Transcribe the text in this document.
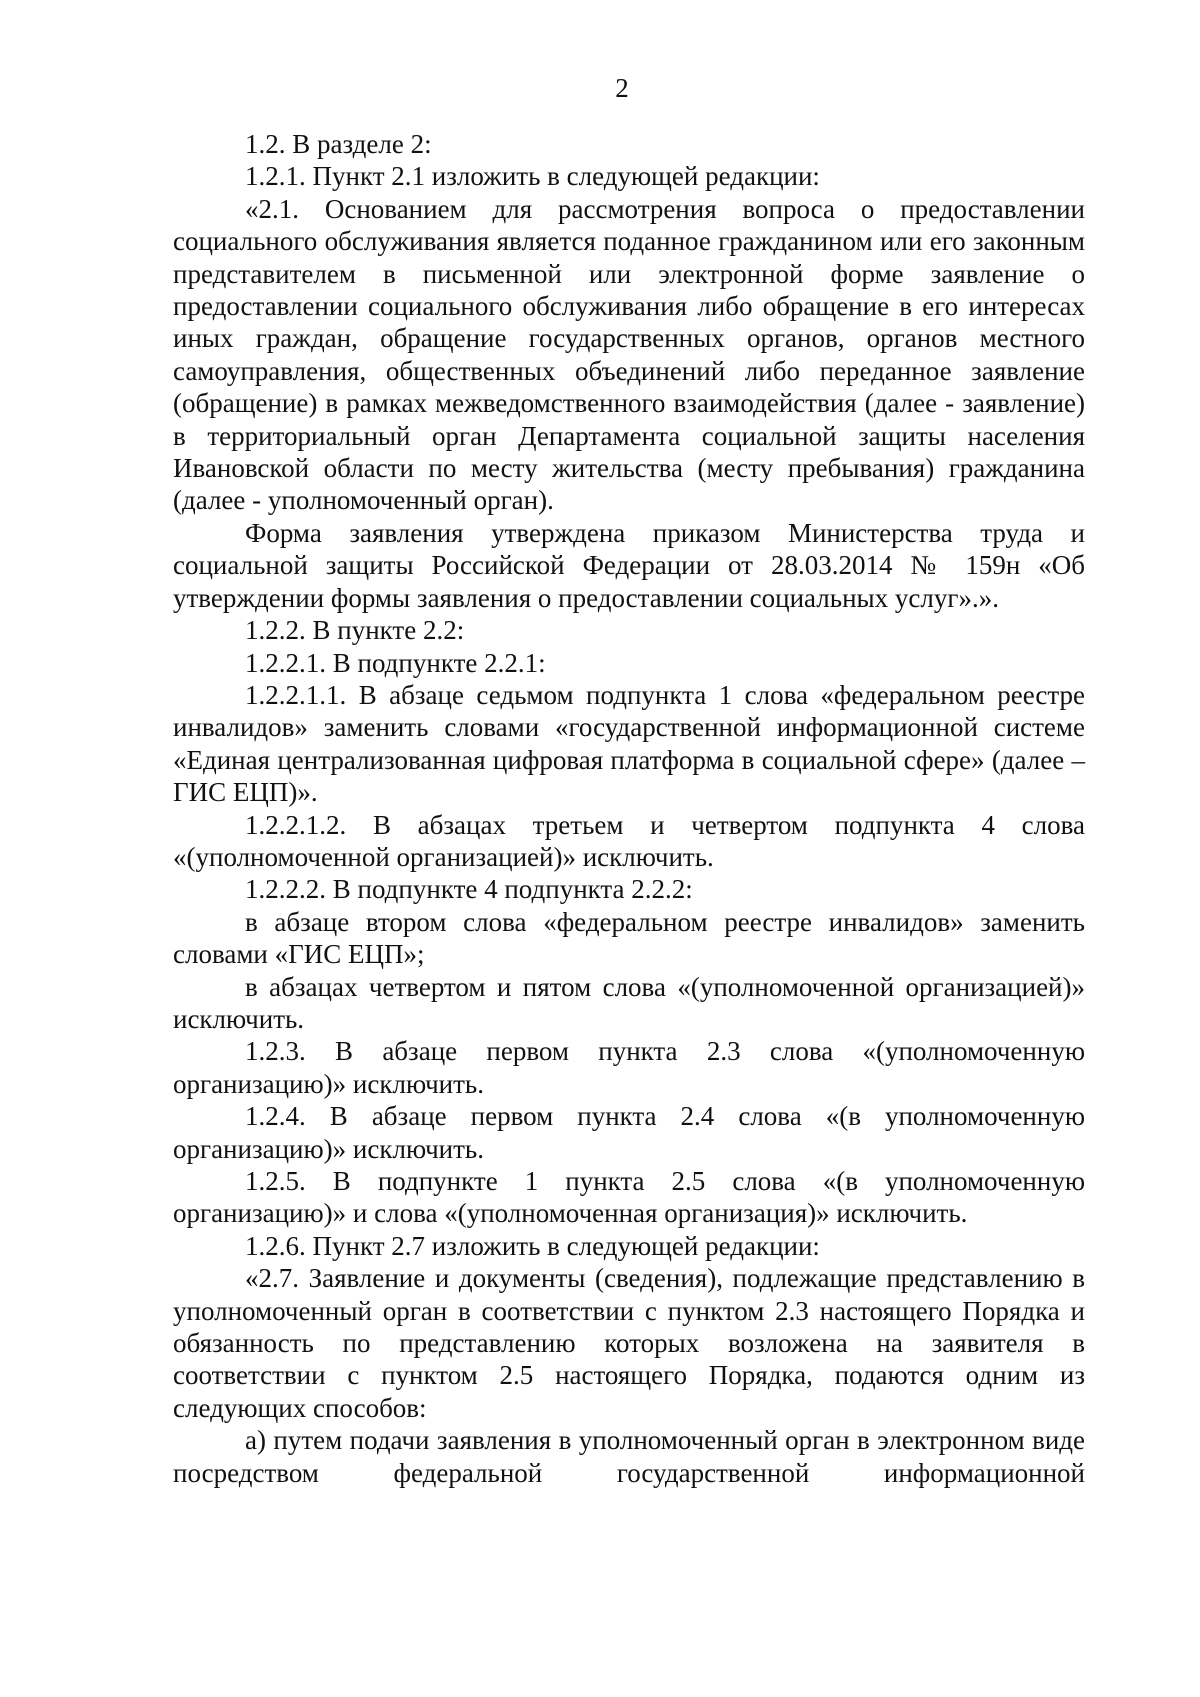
2

1.2. В разделе 2:

1.2.1. Пункт 2.1 изложить в следующей редакции:

«2.1. Основанием для рассмотрения вопроса о предоставлении социального обслуживания является поданное гражданином или его законным представителем в письменной или электронной форме заявление о предоставлении социального обслуживания либо обращение в его интересах иных граждан, обращение государственных органов, органов местного самоуправления, общественных объединений либо переданное заявление (обращение) в рамках межведомственного взаимодействия (далее - заявление) в территориальный орган Департамента социальной защиты населения Ивановской области по месту жительства (месту пребывания) гражданина (далее - уполномоченный орган).

Форма заявления утверждена приказом Министерства труда и социальной защиты Российской Федерации от 28.03.2014 № 159н «Об утверждении формы заявления о предоставлении социальных услуг».».

1.2.2. В пункте 2.2:

1.2.2.1. В подпункте 2.2.1:

1.2.2.1.1. В абзаце седьмом подпункта 1 слова «федеральном реестре инвалидов» заменить словами «государственной информационной системе «Единая централизованная цифровая платформа в социальной сфере» (далее – ГИС ЕЦП)».

1.2.2.1.2. В абзацах третьем и четвертом подпункта 4 слова «(уполномоченной организацией)» исключить.

1.2.2.2. В подпункте 4 подпункта 2.2.2:

в абзаце втором слова «федеральном реестре инвалидов» заменить словами «ГИС ЕЦП»;

в абзацах четвертом и пятом слова «(уполномоченной организацией)» исключить.

1.2.3. В абзаце первом пункта 2.3 слова «(уполномоченную организацию)» исключить.

1.2.4. В абзаце первом пункта 2.4 слова «(в уполномоченную организацию)» исключить.

1.2.5. В подпункте 1 пункта 2.5 слова «(в уполномоченную организацию)» и слова «(уполномоченная организация)» исключить.

1.2.6. Пункт 2.7 изложить в следующей редакции:

«2.7. Заявление и документы (сведения), подлежащие представлению в уполномоченный орган в соответствии с пунктом 2.3 настоящего Порядка и обязанность по представлению которых возложена на заявителя в соответствии с пунктом 2.5 настоящего Порядка, подаются одним из следующих способов:

а) путем подачи заявления в уполномоченный орган в электронном виде посредством федеральной государственной информационной
